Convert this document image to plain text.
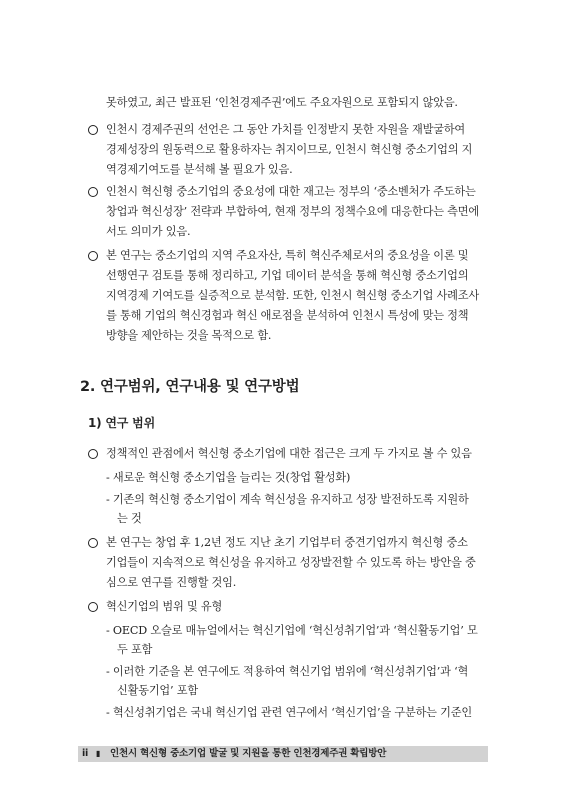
못하였고, 최근 발표된 ‘인천경제주권’에도 주요자원으로 포함되지 않았음.
인천시 경제주권의 선언은 그 동안 가치를 인정받지 못한 자원을 재발굴하여
경제성장의 원동력으로 활용하자는 취지이므로, 인천시 혁신형 중소기업의 지
역경제기여도를 분석해 볼 필요가 있음.
인천시 혁신형 중소기업의 중요성에 대한 재고는 정부의 ‘중소벤처가 주도하는
창업과 혁신성장’ 전략과 부합하여, 현재 정부의 정책수요에 대응한다는 측면에
서도 의미가 있음.
본 연구는 중소기업의 지역 주요자산, 특히 혁신주체로서의 중요성을 이론 및
선행연구 검토를 통해 정리하고, 기업 데이터 분석을 통해 혁신형 중소기업의
지역경제 기여도를 실증적으로 분석함. 또한, 인천시 혁신형 중소기업 사례조사
를 통해 기업의 혁신경험과 혁신 애로점을 분석하여 인천시 특성에 맞는 정책
방향을 제안하는 것을 목적으로 함.
2. 연구범위, 연구내용 및 연구방법
1) 연구 범위
정책적인 관점에서 혁신형 중소기업에 대한 접근은 크게 두 가지로 볼 수 있음
- 새로운 혁신형 중소기업을 늘리는 것(창업 활성화)
- 기존의 혁신형 중소기업이 계속 혁신성을 유지하고 성장 발전하도록 지원하
는 것
본 연구는 창업 후 1,2년 정도 지난 초기 기업부터 중견기업까지 혁신형 중소
기업들이 지속적으로 혁신성을 유지하고 성장발전할 수 있도록 하는 방안을 중
심으로 연구를 진행할 것임.
혁신기업의 범위 및 유형
- OECD 오슬로 매뉴얼에서는 혁신기업에 ‘혁신성취기업’과 ‘혁신활동기업’ 모
두 포함
- 이러한 기준을 본 연구에도 적용하여 혁신기업 범위에 ‘혁신성취기업’과 ‘혁
신활동기업’ 포함
- 혁신성취기업은 국내 혁신기업 관련 연구에서 ‘혁신기업’을 구분하는 기준인
ii ▮ 인천시 혁신형 중소기업 발굴 및 지원을 통한 인천경제주권 확립방안
